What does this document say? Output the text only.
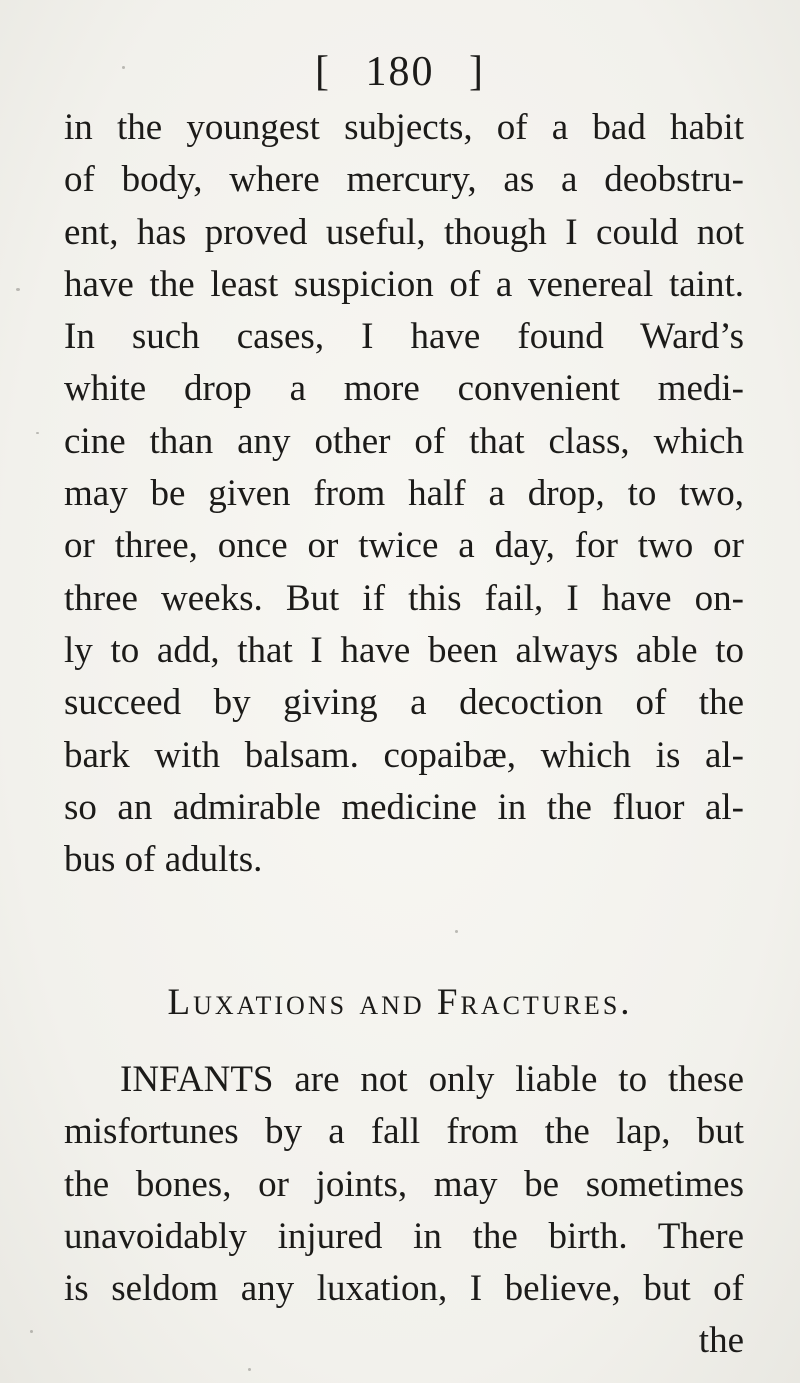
[ 180 ]
in the youngest subjects, of a bad habit
of body, where mercury, as a deobstru-
ent, has proved useful, though I could not
have the least suspicion of a venereal taint.
In such cases, I have found Ward’s
white drop a more convenient medi-
cine than any other of that class, which
may be given from half a drop, to two,
or three, once or twice a day, for two or
three weeks. But if this fail, I have on-
ly to add, that I have been always able to
succeed by giving a decoction of the
bark with balsam. copaibæ, which is al-
so an admirable medicine in the fluor al-
bus of adults.
Luxations and Fractures.
INFANTS are not only liable to these
misfortunes by a fall from the lap, but
the bones, or joints, may be sometimes
unavoidably injured in the birth. There
is seldom any luxation, I believe, but of
the
